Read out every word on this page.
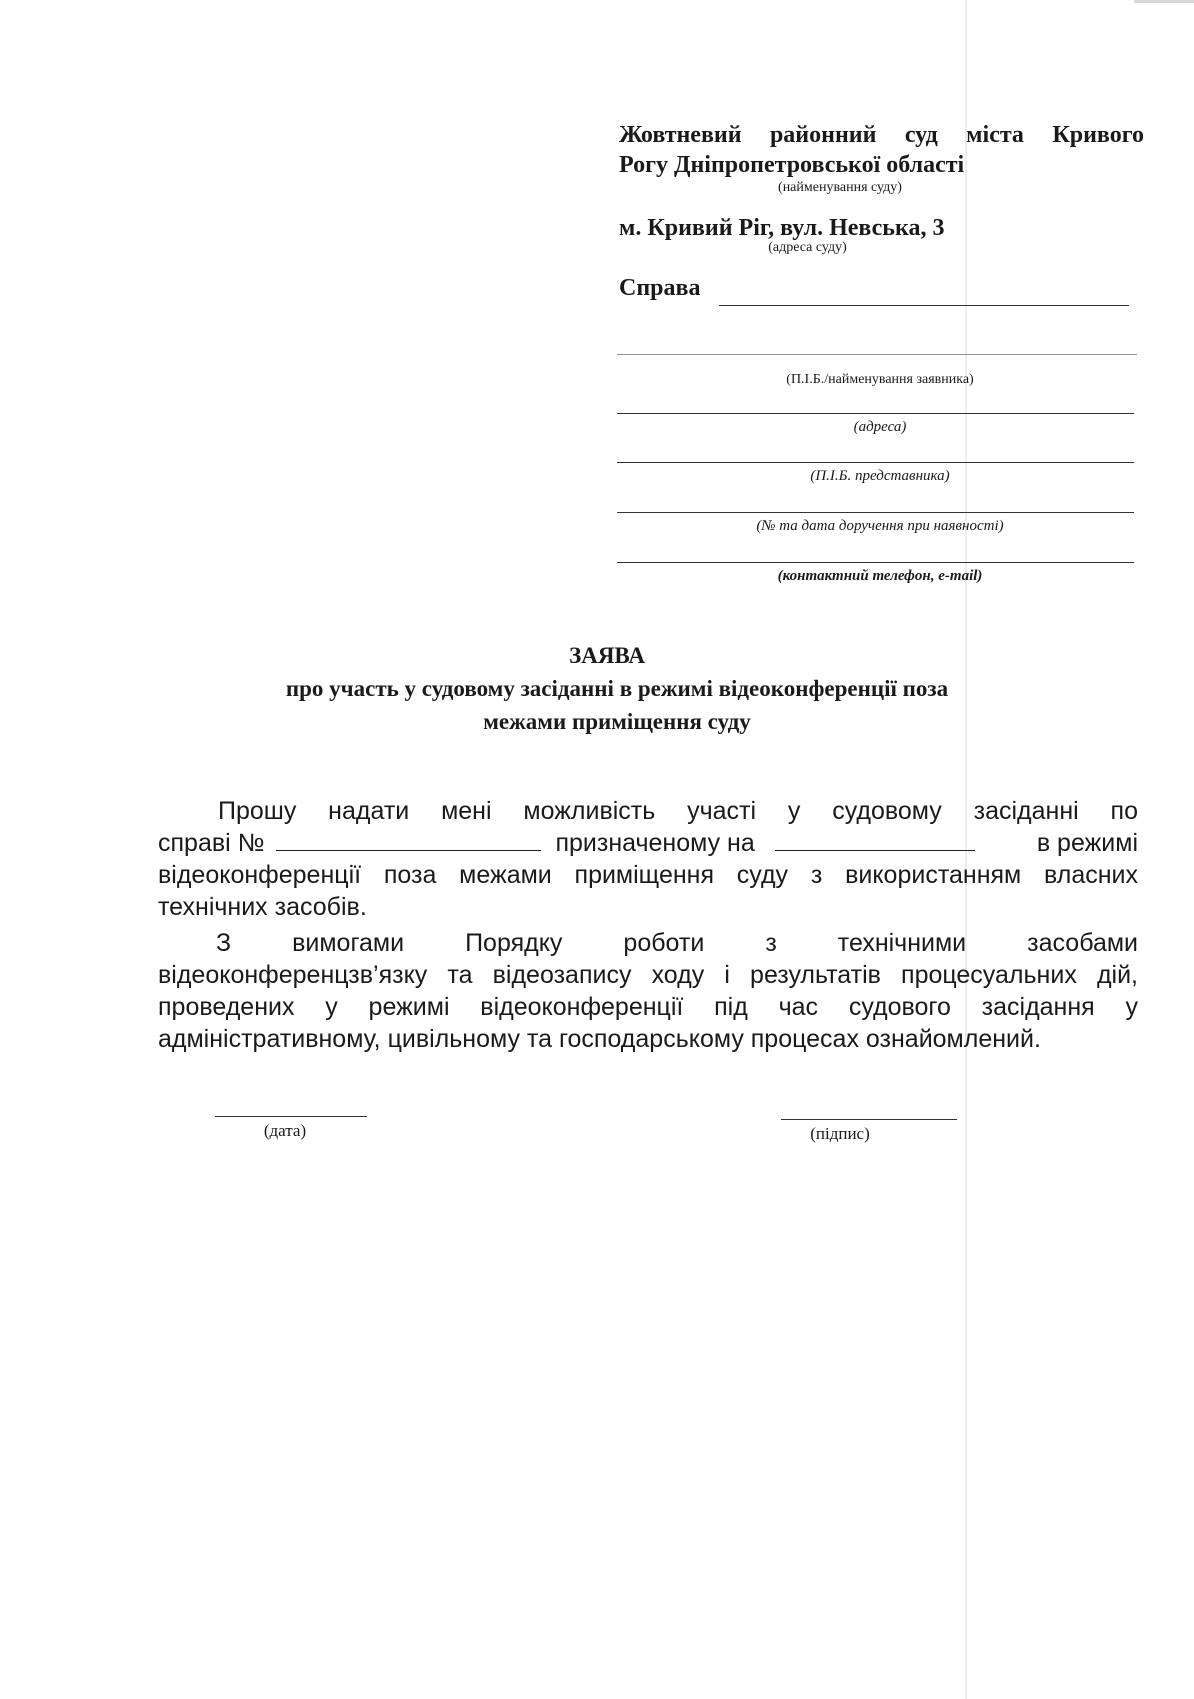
Жовтневий районний суд міста Кривого
Рогу Дніпропетровської області
(найменування суду)
м. Кривий Ріг, вул. Невська, 3
(адреса суду)
Справа
(П.І.Б./найменування заявника)
(адреса)
(П.І.Б. представника)
(№ та дата доручення при наявності)
(контактний телефон, e-mail)
ЗАЯВА
про участь у судовому засіданні в режимі відеоконференції поза
межами приміщення суду
Прошу надати мені можливість участі у судовому засіданні по
справі №	призначеному на	в режимі
відеоконференції поза межами приміщення суду з використанням власних
технічних засобів.
З вимогами Порядку роботи з технічними засобами
відеоконференцзв’язку та відеозапису ходу і результатів процесуальних дій,
проведених у режимі відеоконференції під час судового засідання у
адміністративному, цивільному та господарському процесах ознайомлений.
(дата)	(підпис)
